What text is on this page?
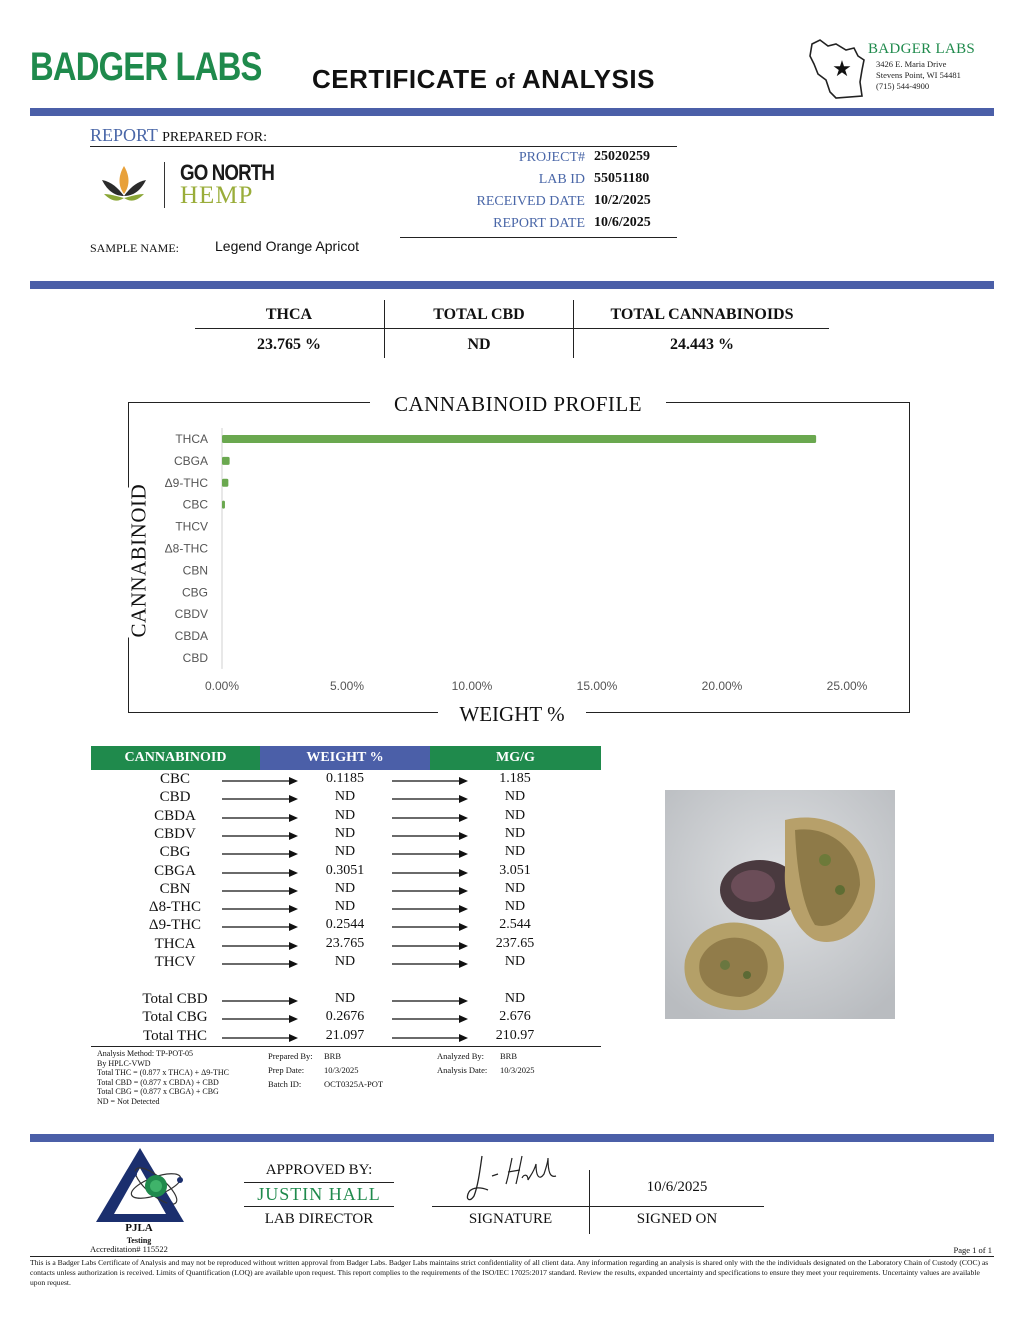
BADGER LABS CERTIFICATE of ANALYSIS	★
BADGER LABS
3426 E. Maria Drive
Stevens Point, WI 54481
(715) 544-4900
REPORT PREPARED FOR:
GO NORTH
HEMP
PROJECT# 25020259
LAB ID 55051180
RECEIVED DATE 10/2/2025
REPORT DATE 10/6/2025
SAMPLE NAME:	Legend Orange Apricot
THCA	TOTAL CBD	TOTAL CANNABINOIDS
23.765 %	ND	24.443 %
CANNABINOID PROFILE
WEIGHT %
CANNABINOID
THCA
CBGA
Δ9-THC
CBC
THCV
Δ8-THC
CBN
CBG
CBDV
CBDA
CBD
0.00%	5.00%	10.00%	15.00%	20.00%	25.00%
CANNABINOID	WEIGHT %	MG/G
CBC	0.1185	1.185
CBD	ND	ND
CBDA	ND	ND
CBDV	ND	ND
CBG	ND	ND
CBGA	0.3051	3.051
CBN	ND	ND
Δ8-THC	ND	ND
Δ9-THC	0.2544	2.544
THCA	23.765	237.65
THCV	ND	ND
Total CBD	ND	ND
Total CBG	0.2676	2.676
Total THC	21.097	210.97
Analysis Method: TP-POT-05
By HPLC-VWD
Total THC = (0.877 x THCA) + Δ9-THC
Total CBD = (0.877 x CBDA) + CBD
Total CBG = (0.877 x CBGA) + CBG
ND = Not Detected
Prepared By: BRB
Prep Date: 10/3/2025
Batch ID:	OCT0325A-POT
Analyzed By: BRB
Analysis Date: 10/3/2025
PJLA
Testing
Accreditation# 115522
APPROVED BY:
JUSTIN HALL
LAB DIRECTOR	SIGNATURE
10/6/2025
SIGNED ON
Page 1 of 1
This is a Badger Labs Certificate of Analysis and may not be reproduced without written approval from Badger Labs. Badger Labs maintains strict confidentiality of all client data. Any information regarding an analysis is shared only with the the individuals designated on the Laboratory Chain of Custody (COC) as contacts unless authorization is received. Limits of Quantification (LOQ) are available upon request. This report complies to the requirements of the ISO/IEC 17025:2017 standard. Review the results, expanded uncertainty and specifications to ensure they meet your requirements. Uncertainty values are available upon request.
